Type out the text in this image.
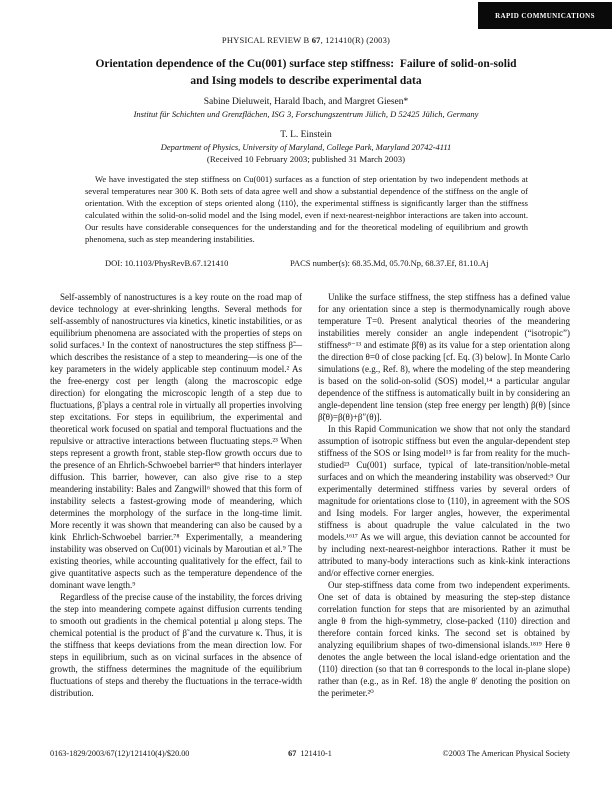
RAPID COMMUNICATIONS
PHYSICAL REVIEW B 67, 121410(R) (2003)
Orientation dependence of the Cu(001) surface step stiffness: Failure of solid-on-solid
and Ising models to describe experimental data
Sabine Dieluweit, Harald Ibach, and Margret Giesen*
Institut für Schichten und Grenzflächen, ISG 3, Forschungszentrum Jülich, D 52425 Jülich, Germany
T. L. Einstein
Department of Physics, University of Maryland, College Park, Maryland 20742-4111
(Received 10 February 2003; published 31 March 2003)
We have investigated the step stiffness on Cu(001) surfaces as a function of step orientation by two independent methods at several temperatures near 300 K. Both sets of data agree well and show a substantial dependence of the stiffness on the angle of orientation. With the exception of steps oriented along ⟨110⟩, the experimental stiffness is significantly larger than the stiffness calculated within the solid-on-solid model and the Ising model, even if next-nearest-neighbor interactions are taken into account. Our results have considerable consequences for the understanding and for the theoretical modeling of equilibrium and growth phenomena, such as step meandering instabilities.
DOI: 10.1103/PhysRevB.67.121410	PACS number(s): 68.35.Md, 05.70.Np, 68.37.Ef, 81.10.Aj

Self-assembly of nanostructures is a key route on the road map of device technology at ever-shrinking lengths. Several methods for self-assembly of nanostructures via kinetics, kinetic instabilities, or as equilibrium phenomena are associated with the properties of steps on solid surfaces.¹ In the context of nanostructures the step stiffness β̃—which describes the resistance of a step to meandering—is one of the key parameters in the widely applicable step continuum model.² As the free-energy cost per length (along the macroscopic edge direction) for elongating the microscopic length of a step due to fluctuations, β̃ plays a central role in virtually all properties involving step excitations. For steps in equilibrium, the experimental and theoretical work focused on spatial and temporal fluctuations and the repulsive or attractive interactions between fluctuating steps.²³ When steps represent a growth front, stable step-flow growth occurs due to the presence of an Ehrlich-Schwoebel barrier⁴⁵ that hinders interlayer diffusion. This barrier, however, can also give rise to a step meandering instability: Bales and Zangwill⁶ showed that this form of instability selects a fastest-growing mode of meandering, which determines the morphology of the surface in the long-time limit. More recently it was shown that meandering can also be caused by a kink Ehrlich-Schwoebel barrier.⁷⁸ Experimentally, a meandering instability was observed on Cu(001) vicinals by Maroutian et al.⁹ The existing theories, while accounting qualitatively for the effect, fail to give quantitative aspects such as the temperature dependence of the dominant wave length.⁹

Regardless of the precise cause of the instability, the forces driving the step into meandering compete against diffusion currents tending to smooth out gradients in the chemical potential μ along steps. The chemical potential is the product of β̃ and the curvature κ. Thus, it is the stiffness that keeps deviations from the mean direction low. For steps in equilibrium, such as on vicinal surfaces in the absence of growth, the stiffness determines the magnitude of the equilibrium fluctuations of steps and thereby the fluctuations in the terrace-width distribution.

Unlike the surface stiffness, the step stiffness has a defined value for any orientation since a step is thermodynamically rough above temperature T=0. Present analytical theories of the meandering instabilities merely consider an angle independent (“isotropic”) stiffness⁸⁻¹³ and estimate β̃(θ) as its value for a step orientation along the direction θ=0 of close packing [cf. Eq. (3) below]. In Monte Carlo simulations (e.g., Ref. 8), where the modeling of the step meandering is based on the solid-on-solid (SOS) model,¹⁴ a particular angular dependence of the stiffness is automatically built in by considering an angle-dependent line tension (step free energy per length) β(θ) [since β̃(θ)=β(θ)+β″(θ)].

In this Rapid Communication we show that not only the standard assumption of isotropic stiffness but even the angular-dependent step stiffness of the SOS or Ising model¹⁵ is far from reality for the much-studied²³ Cu(001) surface, typical of late-transition/noble-metal surfaces and on which the meandering instability was observed:⁹ Our experimentally determined stiffness varies by several orders of magnitude for orientations close to ⟨110⟩, in agreement with the SOS and Ising models. For larger angles, however, the experimental stiffness is about quadruple the value calculated in the two models.¹⁶¹⁷ As we will argue, this deviation cannot be accounted for by including next-nearest-neighbor interactions. Rather it must be attributed to many-body interactions such as kink-kink interactions and/or effective corner energies.

Our step-stiffness data come from two independent experiments. One set of data is obtained by measuring the step-step distance correlation function for steps that are misoriented by an azimuthal angle θ from the high-symmetry, close-packed ⟨110⟩ direction and therefore contain forced kinks. The second set is obtained by analyzing equilibrium shapes of two-dimensional islands.¹⁸¹⁹ Here θ denotes the angle between the local island-edge orientation and the ⟨110⟩ direction (so that tan θ corresponds to the local in-plane slope) rather than (e.g., as in Ref. 18) the angle θ′ denoting the position on the perimeter.²⁰

0163-1829/2003/67(12)/121410(4)/$20.00	67 121410-1	©2003 The American Physical Society
